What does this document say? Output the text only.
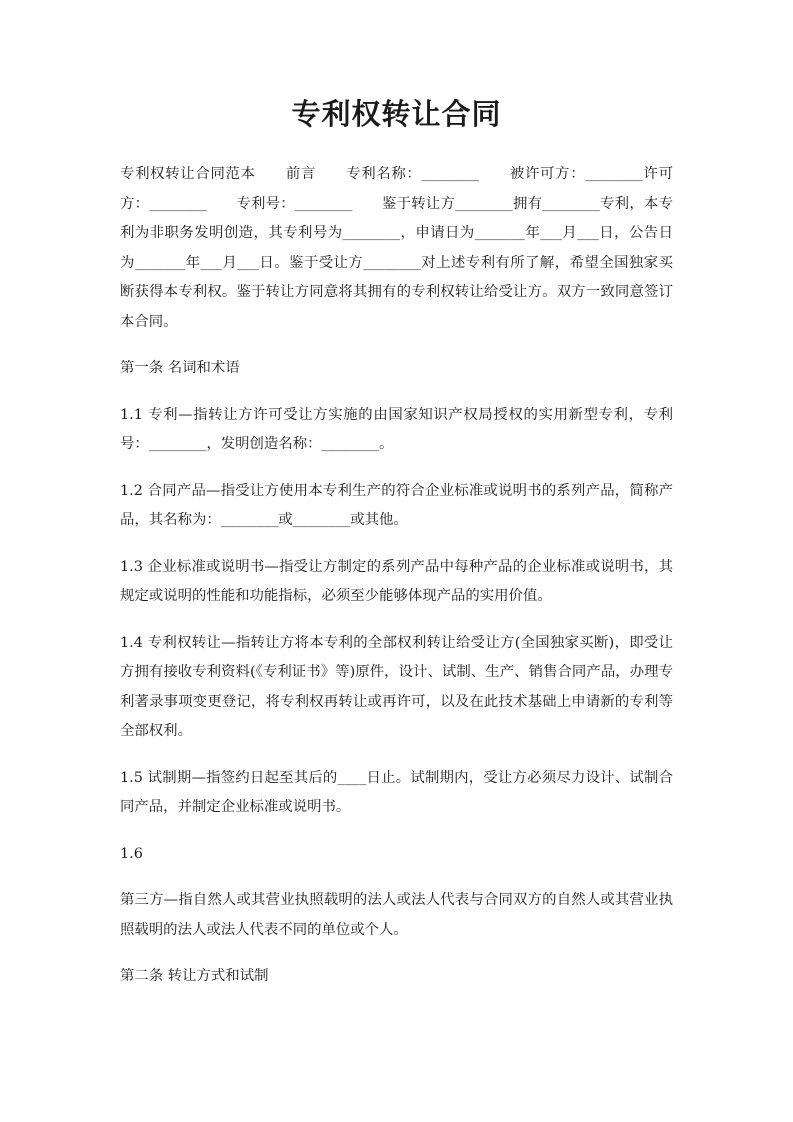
专利权转让合同

专利权转让合同范本　　前言　　专利名称：________　　被许可方：________许可方：________　　专利号：________　　鉴于转让方________拥有________专利，本专利为非职务发明创造，其专利号为________，申请日为_______年___月___日，公告日为_______年___月___日。鉴于受让方________对上述专利有所了解，希望全国独家买断获得本专利权。鉴于转让方同意将其拥有的专利权转让给受让方。双方一致同意签订本合同。

第一条 名词和术语

1.1 专利—指转让方许可受让方实施的由国家知识产权局授权的实用新型专利，专利号：________，发明创造名称：________。

1.2 合同产品—指受让方使用本专利生产的符合企业标准或说明书的系列产品，简称产品，其名称为：________或________或其他。

1.3 企业标准或说明书—指受让方制定的系列产品中每种产品的企业标准或说明书，其规定或说明的性能和功能指标，必须至少能够体现产品的实用价值。

1.4 专利权转让—指转让方将本专利的全部权利转让给受让方(全国独家买断)，即受让方拥有接收专利资料(《专利证书》等)原件，设计、试制、生产、销售合同产品，办理专利著录事项变更登记，将专利权再转让或再许可，以及在此技术基础上申请新的专利等全部权利。

1.5 试制期—指签约日起至其后的____日止。试制期内，受让方必须尽力设计、试制合同产品，并制定企业标准或说明书。

1.6

第三方—指自然人或其营业执照载明的法人或法人代表与合同双方的自然人或其营业执照载明的法人或法人代表不同的单位或个人。

第二条 转让方式和试制
